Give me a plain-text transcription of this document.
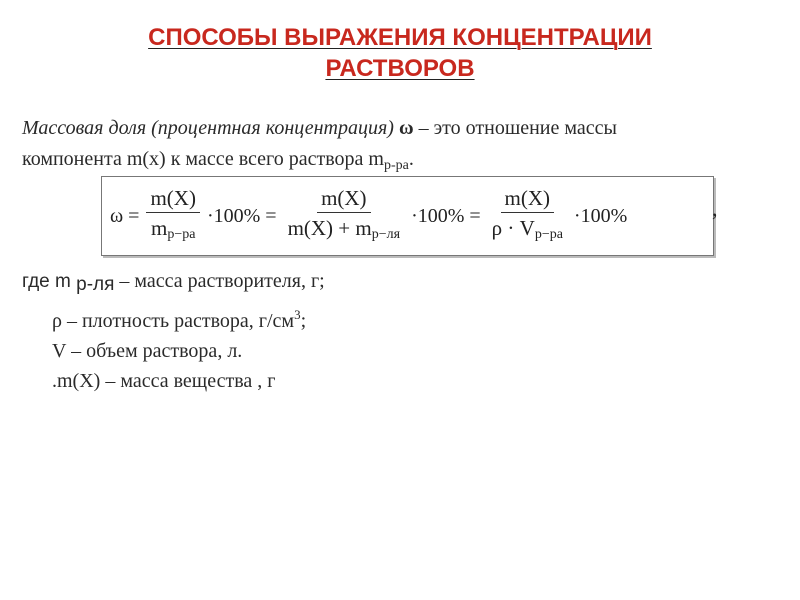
СПОСОБЫ ВЫРАЖЕНИЯ КОНЦЕНТРАЦИИ
РАСТВОРОВ
Массовая доля (процентная концентрация) ω – это отношение массы
компонента m(x) к массе всего раствора $m_{р-ра}$.
$\omega = \frac{m(X)}{m_{р-ра}} \cdot 100\% = \frac{m(X)}{m(X) + m_{р-ля}} \cdot 100\% = \frac{m(X)}{\rho \cdot V_{р-ра}} \cdot 100\%$	,
где m $_{р-ля}$ – масса растворителя, г;
ρ – плотность раствора, $г/см^3$;
V – объем раствора, л.
.m(X) – масса вещества , г
